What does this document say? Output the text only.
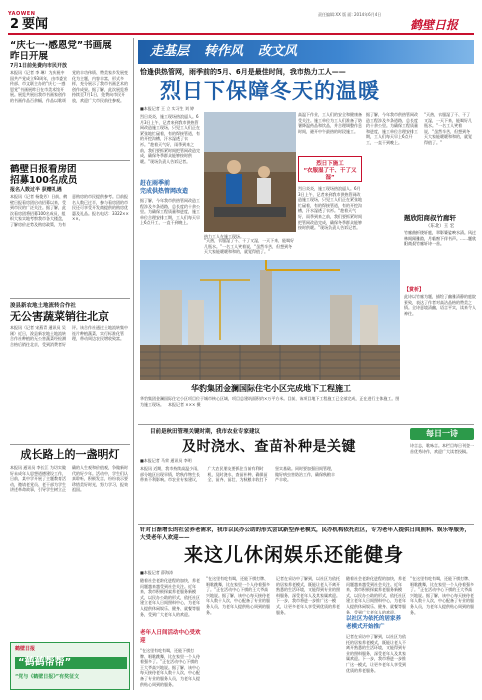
YAOWEN
2 要闻
责任编辑:XX 版 面: 2014年6月4日
鹤壁日报
“庆七一·感恩党”书画展
昨日开展
7月1日前免费向市民开放
本报讯（记者 李 琳）为庆祝中国共产党成立93周年，由市委宣传部、市文联主办的“庆七一·感恩党”书画展昨日在市美术馆开展。展览共展出我市书画家创作的书画作品百余幅，作品以歌颂党的丰功伟绩、赞美家乡发展变化为主题，内容丰富，形式多样，充分展示了我市书画艺术的创作成果。据了解，此次展览将持续至7月1日，免费向市民开放，欢迎广大市民前往参观。
鹤壁日报看房团
招募100名成员
报名人数过半 获赠礼遇
本报讯（记者 杨俊芳）日前，鹤壁日报看房团启动招募以来，受到市民的广泛关注。据了解，此次看房团将招募100名成员，组织大家实地考察我市各大楼盘，了解房价走势及购房政策，为有意购房的市民提供参考。目前报名人数已过半，参与看房团的市民还可享受开发商提供的购房优惠及礼品。报名电话：3322××××。
浚县新农地土地流转合作社
无公害蔬菜销往北京
本报讯（记者 宋燕青 通讯员 吴 刚）近日，浚县新农地土地流转合作社种植的无公害蔬菜经检测合格后销往北京，受到消费者好评。该合作社通过土地流转集中连片种植蔬菜，实行标准化管理，带动周边农民增收致富。
成长路上的一盏明灯
本报讯 通讯员 李长江 为切实做好未成年人思想道德建设工作，日前，某中学开展了主题教育活动，邀请老党员、老干部为学生讲述革命故事，引导学生树立正确的人生观和价值观，争做新时代的好少年。活动中，学生们认真聆听，积极发言，纷纷表示要珍惜美好时光，努力学习，报效祖国。
鹤壁日报
“鹤鹤帮帮”
“党与《鹤壁日报》”有奖征文
走基层 转作风 改文风
恰逢供热管网，雨季前的5月、6月是最佳时间，我市热力工人——
烈日下保障冬天的温暖
■本报记者 王 立 实习生 刘 婷
烈日炎炎，施工现场热浪逼人。6月3日上午，记者来到我市供热管网改造施工现场，只见工人们正在紧张地忙碌着，有的焊接管道，有的开挖沟槽，汗水湿透了衣衫。“趁着天气好，雨季到来之前，我们要抓紧时间把管网改造完成，确保冬季群众能够按时供暖。”现场负责人告诉记者。
赶在雨季前
完成供热管网改造
据了解，今年我市供热管网改造工程涉及多条道路，总长度约十余公里。为确保工程质量和进度，施工单位合理安排工期，工人们每天早上6点开工，一直干到晚上。
热力工人在施工现场。
“天热，衣服湿了干、干了又湿，一天下来，能喝好几瓶水。”一名工人笑着说，“虽然辛苦，但想到冬天大家能暖暖和和的，就觉得值了。”
烈日下施工
“衣服湿了干、干了又湿”
高温下作业，工人们的安全和健康备受关注。施工单位为工人们准备了防暑降温药品和饮品，并合理调整作息时间，避开中午最热的时段施工。
烈日炎炎，施工现场热浪逼人。6月3日上午，记者来到我市供热管网改造施工现场，只见工人们正在紧张地忙碌着，有的焊接管道，有的开挖沟槽，汗水湿透了衣衫。“趁着天气好，雨季到来之前，我们要抓紧时间把管网改造完成，确保冬季群众能够按时供暖。”现场负责人告诉记者。
据了解，今年我市供热管网改造工程涉及多条道路，总长度约十余公里。为确保工程质量和进度，施工单位合理安排工期，工人们每天早上6点开工，一直干到晚上。
“天热，衣服湿了干、干了又湿，一天下来，能喝好几瓶水。”一名工人笑着说，“虽然辛苦，但想到冬天大家能暖暖和和的，就觉得值了。”
题欣阳商叔竹廊轩
（东北）王 宏
竹廊曲折绕轩庭，翠影婆娑映水清。风过林间闻雅韵，月临窗下伴书声。……题欣阳商叔竹廊轩诗一首。
【赏析】
此诗以竹廊为题，描绘了幽雅清静的庭院景致，表达了作者对高洁品格的赞美之情。全诗意境清幽，语言平实，读来令人神往。
华豹集团金澜国际住宅小区完成地下工程施工
华豹集团金澜国际住宅小区项目位于城市核心区域，项目总建筑面积约×万平方米。目前，该项目地下工程施工已全部完成，正在进行主体施工。图为施工现场。　本报记者 ××× 摄
目前是秋田管理关键时期，我市农业专家建议
及时浇水、查苗补种是关键
■本报记者 马荣 通讯员 李明
本报讯 近期，我市持续高温少雨，部分地区出现旱情，给秋作物生长带来不利影响。市农业专家建议，广大农民朋友要抓住当前有利时机，及时浇水，查苗补种，确保苗全、苗齐、苗壮，为秋粮丰收打下坚实基础。同时要加强田间管理，做好病虫害防治工作，确保秋粮丰产丰收。
每日一诗
诗言志，歌咏言。本栏目每日刊登一首优秀诗作，欢迎广大读者投稿。
针对日渐增长的社会养老需求，我市以民办公助的形式尝试新型养老模式，民办机构依托社区，专为老年人提供日间照料、娱乐等服务，大受老年人欢迎——
来这儿休闲娱乐还能健身
■本报记者 薛海涛
随着社会老龄化进程的加快，养老问题越来越受到社会关注。近年来，我市积极探索养老服务新模式，以民办公助的形式，依托社区建立老年人日间照料中心，为老年人提供休闲娱乐、健身、就餐等服务，受到广大老年人的欢迎。
老年人日间活动中心受欢迎
“在这里有吃有喝，还能下棋打牌、唱歌跳舞，比在家里一个人待着强多了。”正在活动中心下棋的王大爷高兴地说。据了解，该中心每天接待老年人数十人次，中心配备了专业的服务人员，为老年人提供贴心周到的服务。
“在这里有吃有喝，还能下棋打牌、唱歌跳舞，比在家里一个人待着强多了。”正在活动中心下棋的王大爷高兴地说。据了解，该中心每天接待老年人数十人次，中心配备了专业的服务人员，为老年人提供贴心周到的服务。
记者在采访中了解到，以社区为依托的居家养老模式，既能让老人不离开熟悉的生活环境，又能得到专业的照料服务，深受老年人及其家属欢迎。下一步，我市将进一步推广这一模式，让更多老年人享受到优质的养老服务。
随着社会老龄化进程的加快，养老问题越来越受到社会关注。近年来，我市积极探索养老服务新模式，以民办公助的形式，依托社区建立老年人日间照料中心，为老年人提供休闲娱乐、健身、就餐等服务，受到广大老年人的欢迎。
以社区为依托的居家养老模式开始推广
记者在采访中了解到，以社区为依托的居家养老模式，既能让老人不离开熟悉的生活环境，又能得到专业的照料服务，深受老年人及其家属欢迎。下一步，我市将进一步推广这一模式，让更多老年人享受到优质的养老服务。
“在这里有吃有喝，还能下棋打牌、唱歌跳舞，比在家里一个人待着强多了。”正在活动中心下棋的王大爷高兴地说。据了解，该中心每天接待老年人数十人次，中心配备了专业的服务人员，为老年人提供贴心周到的服务。
